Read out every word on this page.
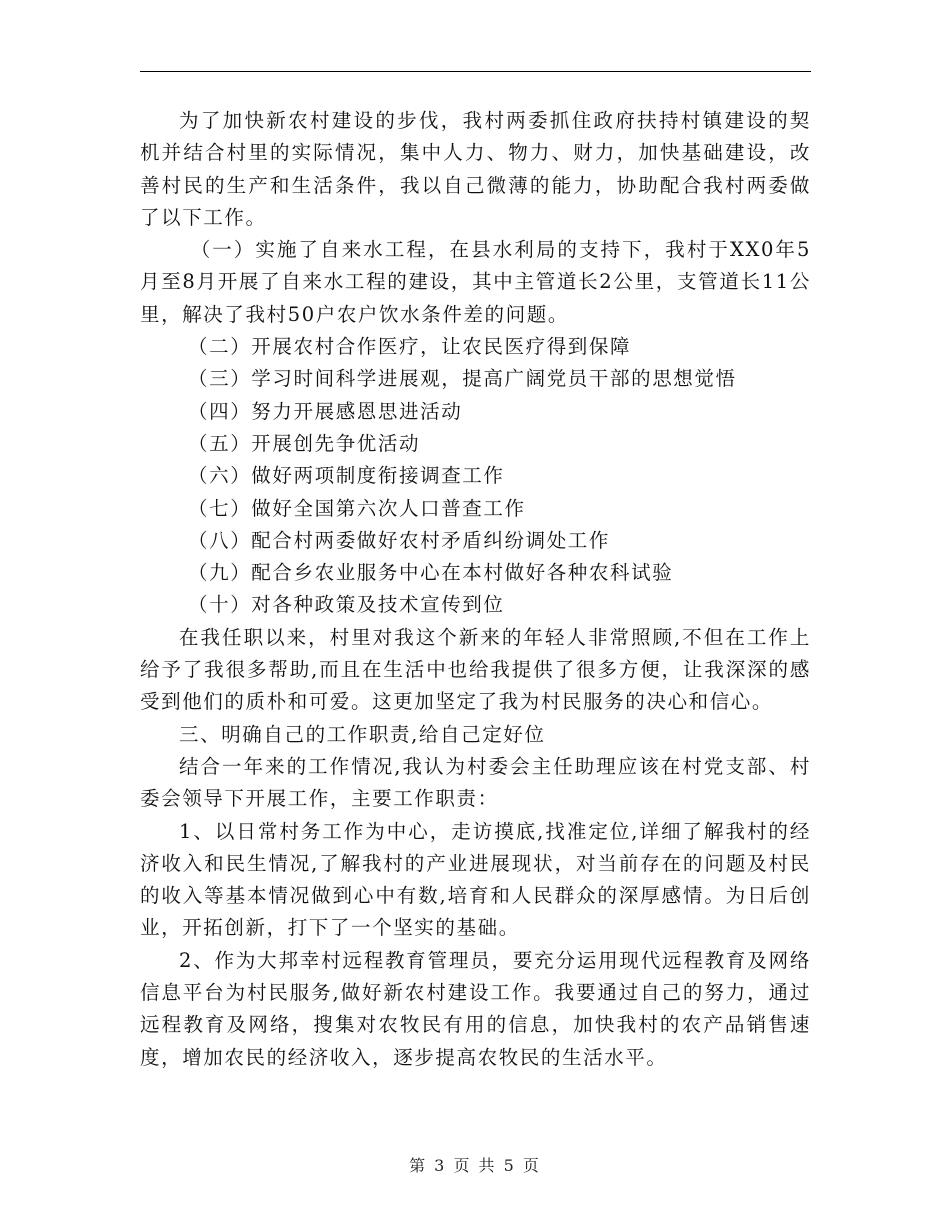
为了加快新农村建设的步伐，我村两委抓住政府扶持村镇建设的契机并结合村里的实际情况，集中人力、物力、财力，加快基础建设，改善村民的生产和生活条件，我以自己微薄的能力，协助配合我村两委做了以下工作。

（一）实施了自来水工程，在县水利局的支持下，我村于XX0年5月至8月开展了自来水工程的建设，其中主管道长2公里，支管道长11公里，解决了我村50户农户饮水条件差的问题。

（二）开展农村合作医疗，让农民医疗得到保障

（三）学习时间科学进展观，提高广阔党员干部的思想觉悟

（四）努力开展感恩思进活动

（五）开展创先争优活动

（六）做好两项制度衔接调查工作

（七）做好全国第六次人口普查工作

（八）配合村两委做好农村矛盾纠纷调处工作

（九）配合乡农业服务中心在本村做好各种农科试验

（十）对各种政策及技术宣传到位

在我任职以来，村里对我这个新来的年轻人非常照顾,不但在工作上给予了我很多帮助,而且在生活中也给我提供了很多方便，让我深深的感受到他们的质朴和可爱。这更加坚定了我为村民服务的决心和信心。

三、明确自己的工作职责,给自己定好位

结合一年来的工作情况,我认为村委会主任助理应该在村党支部、村委会领导下开展工作，主要工作职责：

1、以日常村务工作为中心，走访摸底,找准定位,详细了解我村的经济收入和民生情况,了解我村的产业进展现状，对当前存在的问题及村民的收入等基本情况做到心中有数,培育和人民群众的深厚感情。为日后创业，开拓创新，打下了一个坚实的基础。

2、作为大邦幸村远程教育管理员，要充分运用现代远程教育及网络信息平台为村民服务,做好新农村建设工作。我要通过自己的努力，通过远程教育及网络，搜集对农牧民有用的信息，加快我村的农产品销售速度，增加农民的经济收入，逐步提高农牧民的生活水平。

第 3 页 共 5 页
